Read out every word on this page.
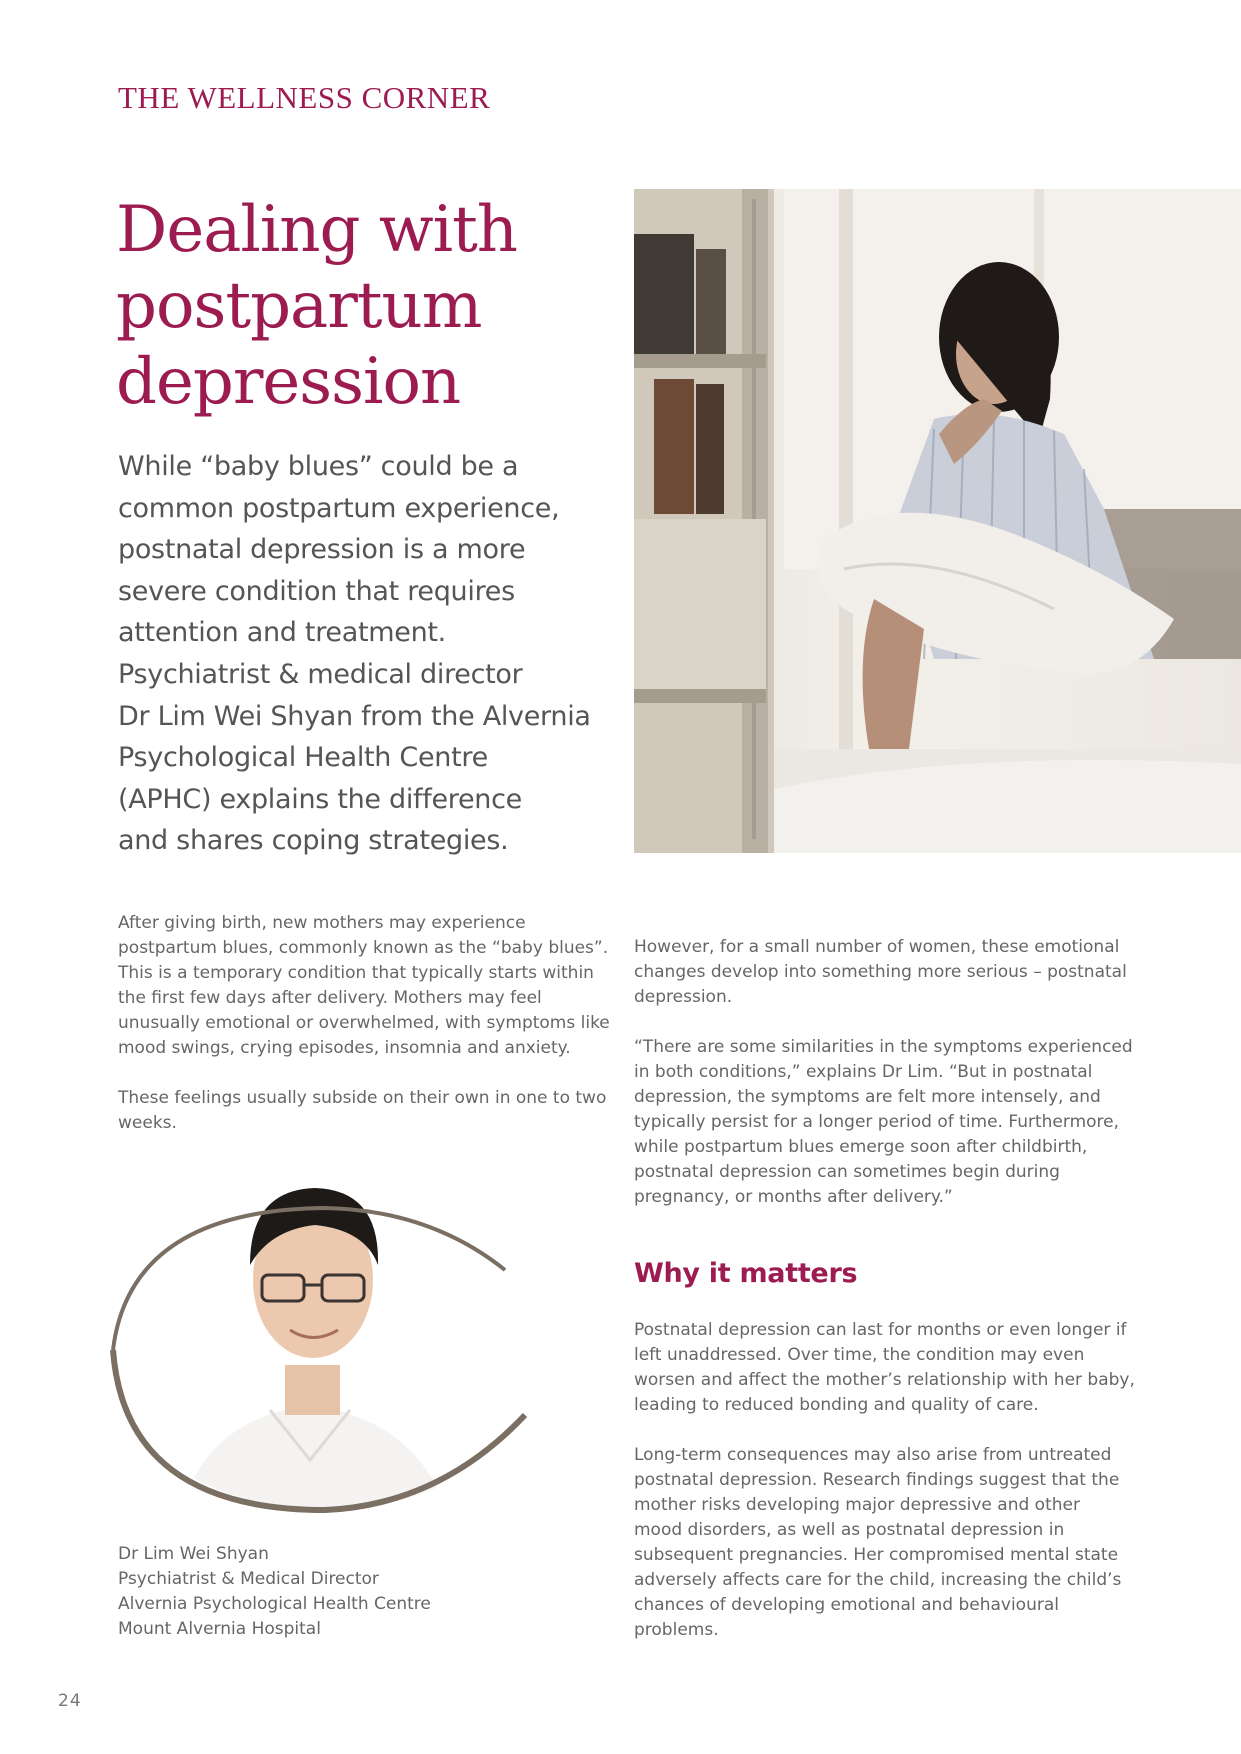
THE WELLNESS CORNER
Dealing with
postpartum
depression

While “baby blues” could be a
common postpartum experience,
postnatal depression is a more
severe condition that requires
attention and treatment.
Psychiatrist & medical director
Dr Lim Wei Shyan from the Alvernia
Psychological Health Centre
(APHC) explains the difference
and shares coping strategies.

After giving birth, new mothers may experience
postpartum blues, commonly known as the “baby blues”.
This is a temporary condition that typically starts within
the first few days after delivery. Mothers may feel
unusually emotional or overwhelmed, with symptoms like
mood swings, crying episodes, insomnia and anxiety.

These feelings usually subside on their own in one to two
weeks.

Dr Lim Wei Shyan
Psychiatrist & Medical Director
Alvernia Psychological Health Centre
Mount Alvernia Hospital

However, for a small number of women, these emotional
changes develop into something more serious – postnatal
depression.

“There are some similarities in the symptoms experienced
in both conditions,” explains Dr Lim. “But in postnatal
depression, the symptoms are felt more intensely, and
typically persist for a longer period of time. Furthermore,
while postpartum blues emerge soon after childbirth,
postnatal depression can sometimes begin during
pregnancy, or months after delivery.”

Why it matters

Postnatal depression can last for months or even longer if
left unaddressed. Over time, the condition may even
worsen and affect the mother’s relationship with her baby,
leading to reduced bonding and quality of care.

Long-term consequences may also arise from untreated
postnatal depression. Research findings suggest that the
mother risks developing major depressive and other
mood disorders, as well as postnatal depression in
subsequent pregnancies. Her compromised mental state
adversely affects care for the child, increasing the child’s
chances of developing emotional and behavioural
problems.

24
